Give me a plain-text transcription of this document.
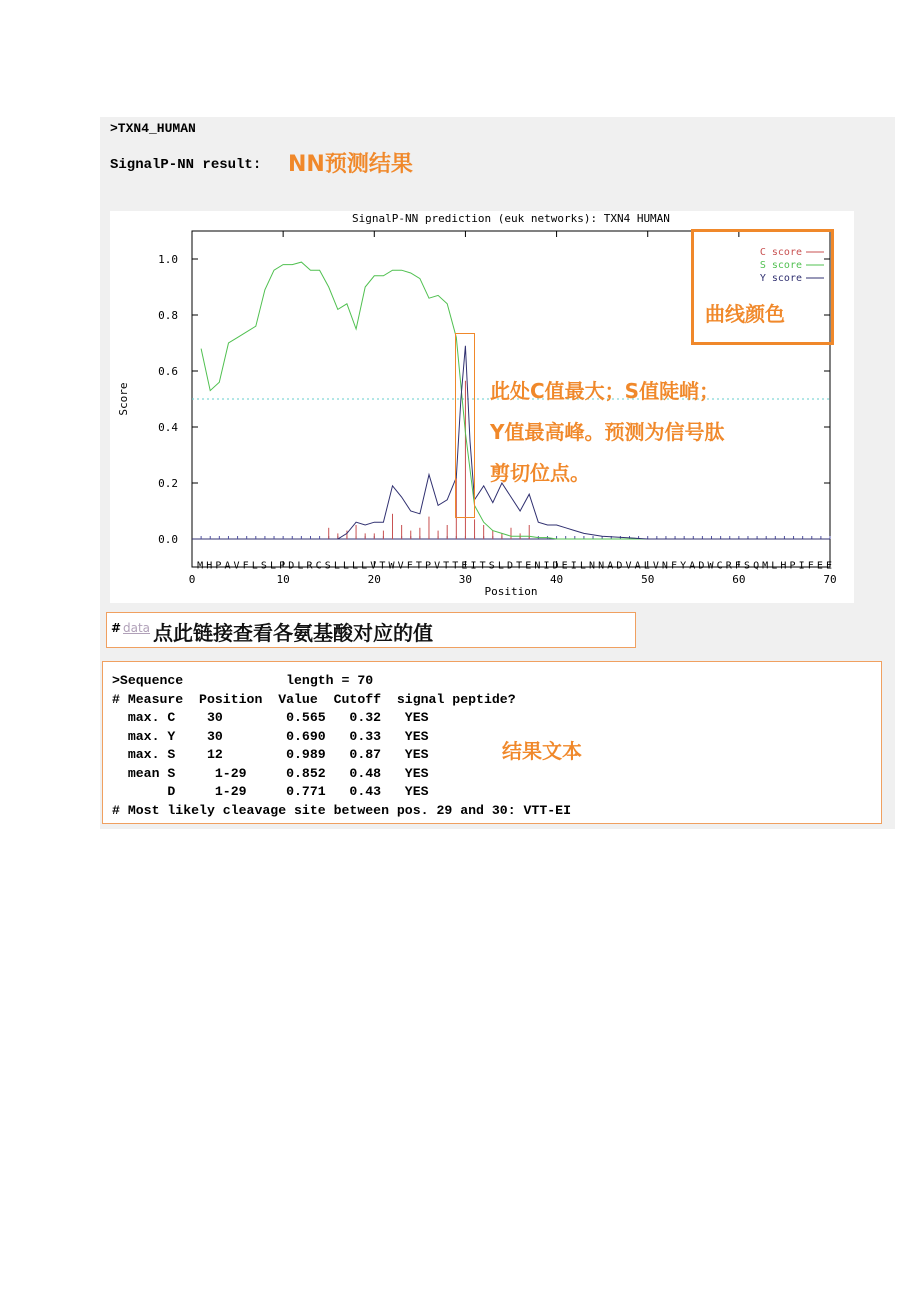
>TXN4_HUMAN
SignalP-NN result: NN预测结果
SignalP-NN prediction (euk networks): TXN4 HUMAN
0.0
0.2
0.4
0.6
0.8
1.0
0	10	20	30	40	50	60	70
Position
Score
M H P A V F L S L P D L R C S L L L L V T W V F T P V T T E I T S L D T E N I D E I L N N A D V A L V N F Y A D W C R F S Q M L H P I F E E
C score
S score
Y score
曲线颜色
此处C值最大；S值陡峭；Y值最高峰。预测为信号肽剪切位点。
# data 点此链接查看各氨基酸对应的值
>Sequence             length = 70
# Measure  Position  Value  Cutoff  signal peptide?
max. C    30        0.565   0.32   YES
max. Y    30        0.690   0.33   YES
max. S    12        0.989   0.87   YES
mean S     1-29     0.852   0.48   YES
D     1-29     0.771   0.43   YES
# Most likely cleavage site between pos. 29 and 30: VTT-EI

结果文本
